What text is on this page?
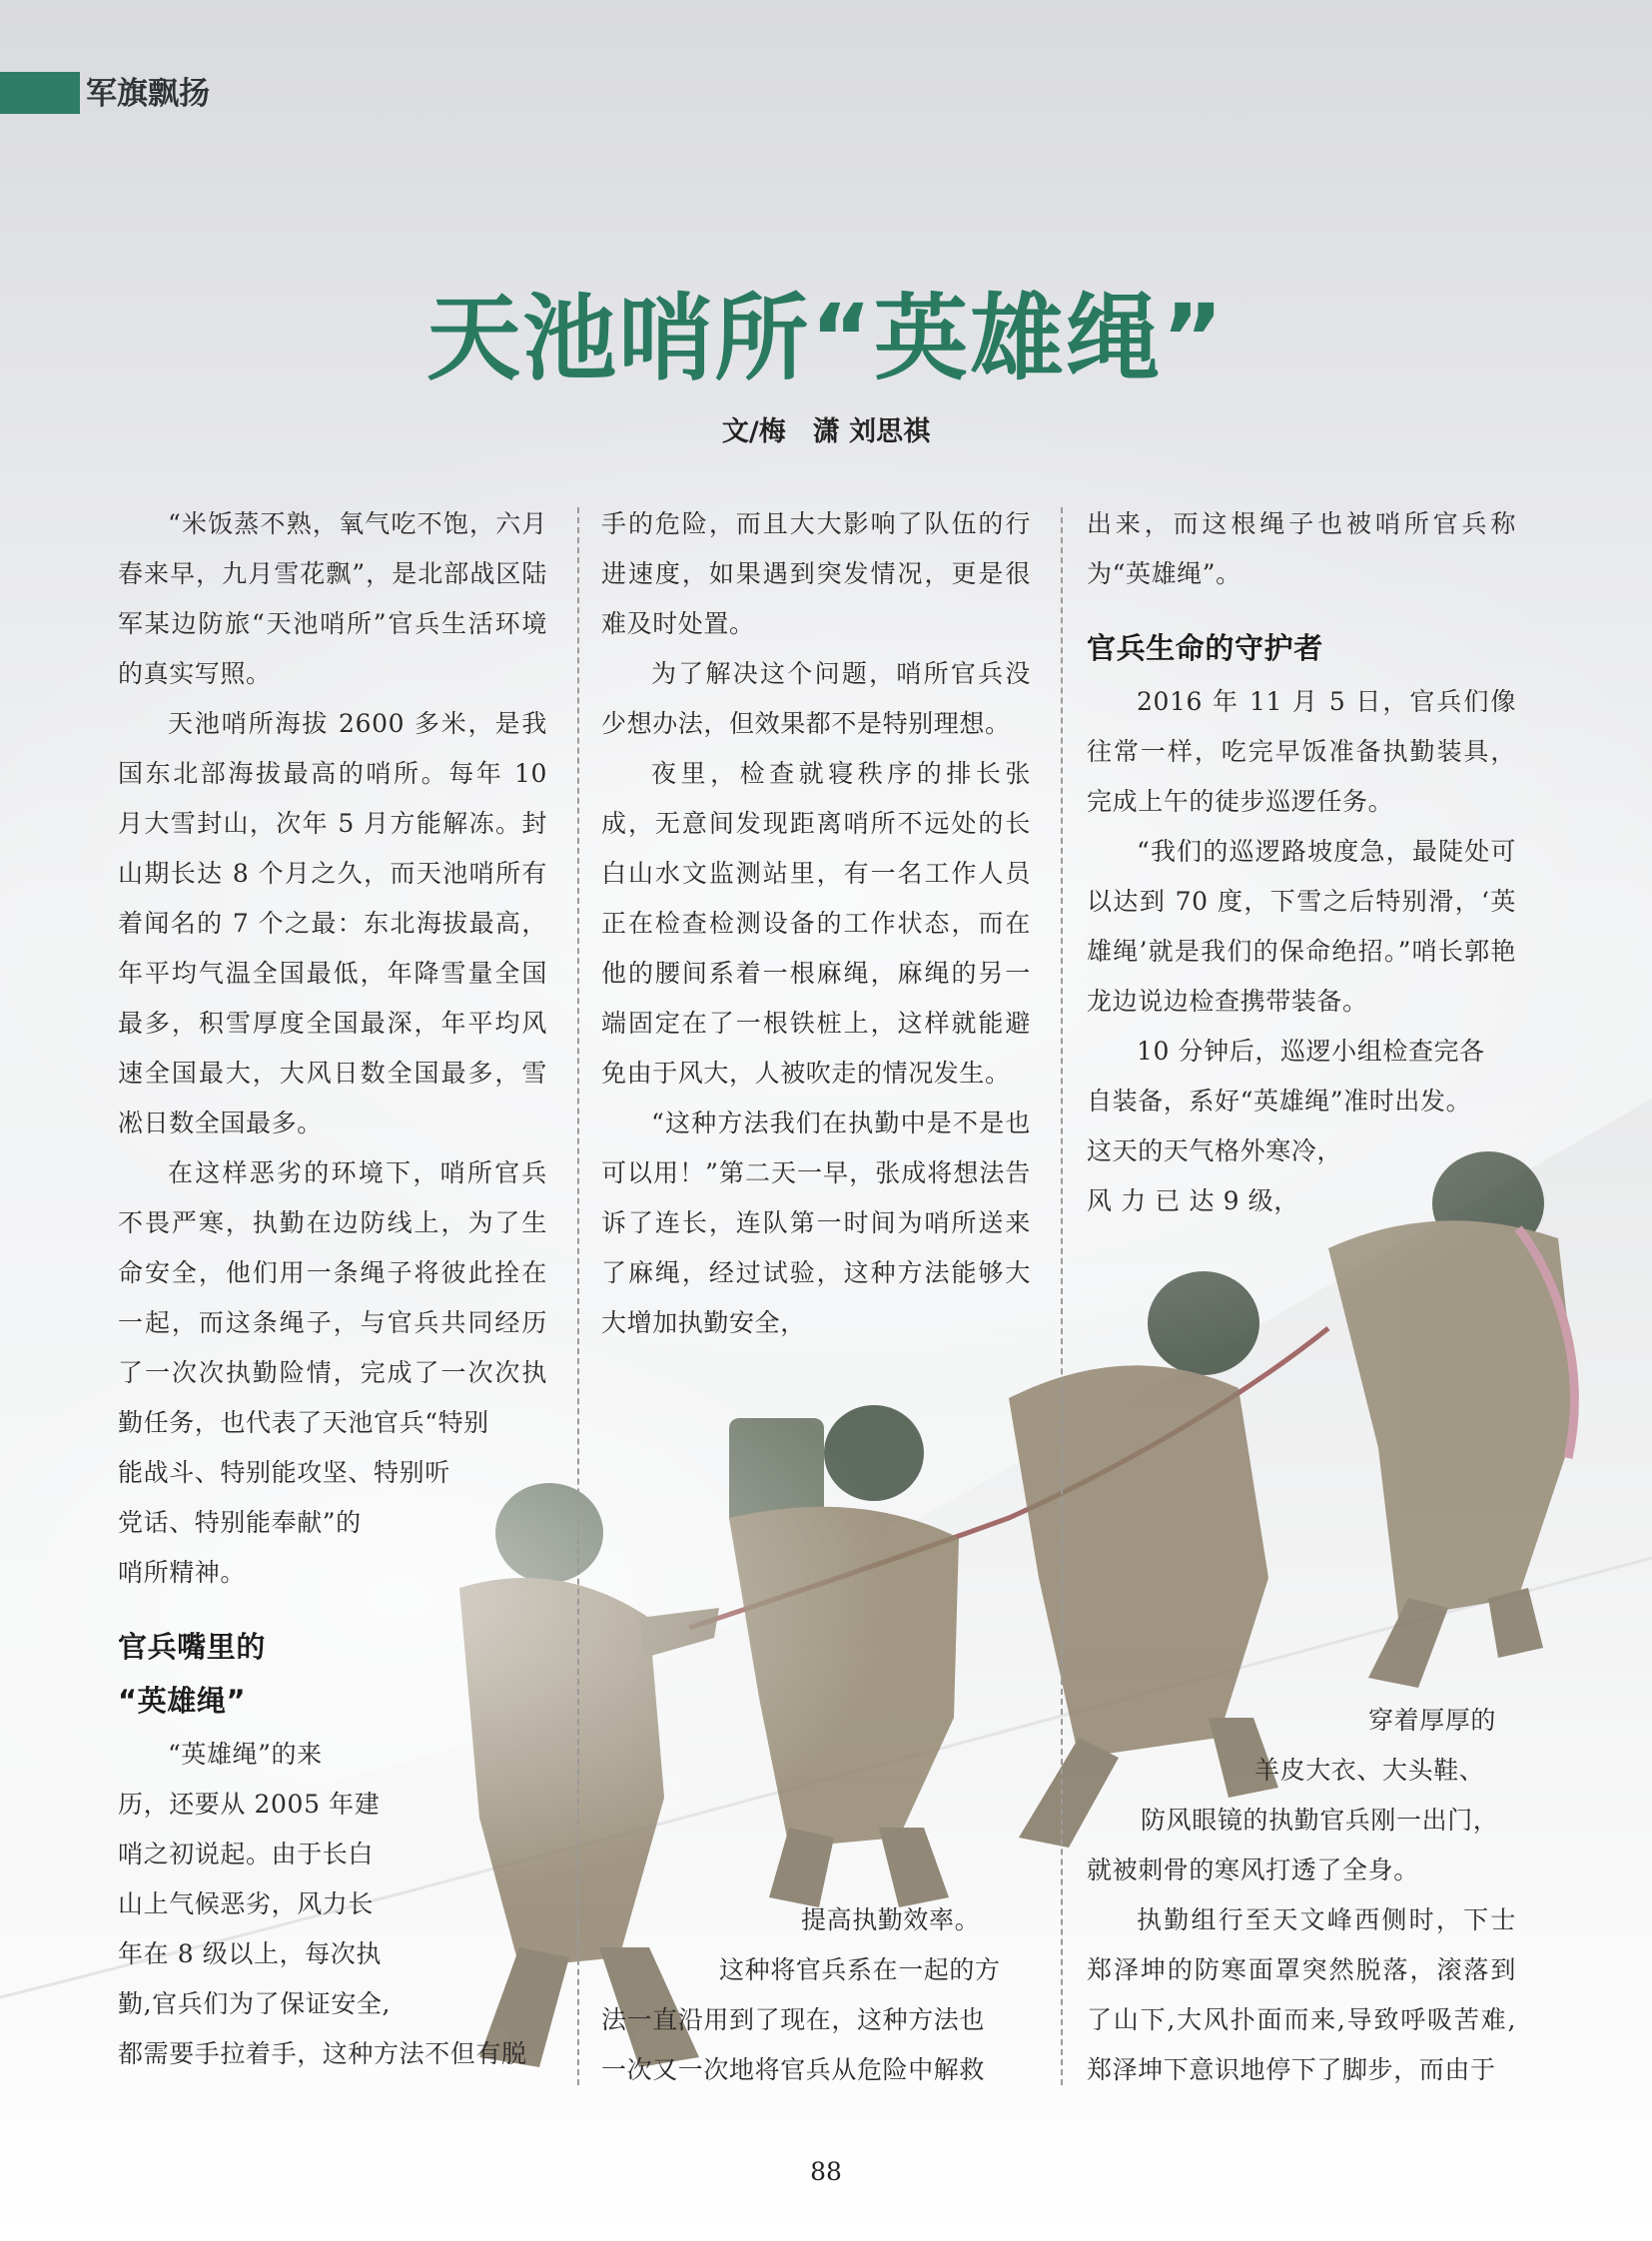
军旗飘扬
天池哨所“英雄绳”
文/梅　潇 刘思祺

“米饭蒸不熟，氧气吃不饱，六月春来早，九月雪花飘”，是北部战区陆军某边防旅“天池哨所”官兵生活环境的真实写照。

天池哨所海拔 2600 多米，是我国东北部海拔最高的哨所。每年 10 月大雪封山，次年 5 月方能解冻。封山期长达 8 个月之久，而天池哨所有着闻名的 7 个之最：东北海拔最高，年平均气温全国最低，年降雪量全国最多，积雪厚度全国最深，年平均风速全国最大，大风日数全国最多，雪凇日数全国最多。

在这样恶劣的环境下，哨所官兵不畏严寒，执勤在边防线上，为了生命安全，他们用一条绳子将彼此拴在一起，而这条绳子，与官兵共同经历了一次次执勤险情，完成了一次次执勤任务，也代表了天池官兵“特别

能战斗、特别能攻坚、特别听

党话、特别能奉献”的

哨所精神。

官兵嘴里的
“英雄绳”

“英雄绳”的来

历，还要从 2005 年建

哨之初说起。由于长白

山上气候恶劣，风力长

年在 8 级以上，每次执

勤,官兵们为了保证安全,

都需要手拉着手，这种方法不但有脱

手的危险，而且大大影响了队伍的行进速度，如果遇到突发情况，更是很难及时处置。

为了解决这个问题，哨所官兵没少想办法，但效果都不是特别理想。

夜里，检查就寝秩序的排长张成，无意间发现距离哨所不远处的长白山水文监测站里，有一名工作人员正在检查检测设备的工作状态，而在他的腰间系着一根麻绳，麻绳的另一端固定在了一根铁桩上，这样就能避免由于风大，人被吹走的情况发生。

“这种方法我们在执勤中是不是也可以用！”第二天一早，张成将想法告诉了连长，连队第一时间为哨所送来了麻绳，经过试验，这种方法能够大大增加执勤安全，

提高执勤效率。

这种将官兵系在一起的方

法一直沿用到了现在，这种方法也

一次又一次地将官兵从危险中解救

出来，而这根绳子也被哨所官兵称为“英雄绳”。

官兵生命的守护者

2016 年 11 月 5 日，官兵们像往常一样，吃完早饭准备执勤装具，完成上午的徒步巡逻任务。

“我们的巡逻路坡度急，最陡处可以达到 70 度，下雪之后特别滑，‘英雄绳’就是我们的保命绝招。”哨长郭艳龙边说边检查携带装备。

10 分钟后，巡逻小组检查完各

自装备，系好“英雄绳”准时出发。

这天的天气格外寒冷，

风 力 已 达 9 级，

穿着厚厚的

羊皮大衣、大头鞋、

防风眼镜的执勤官兵刚一出门，

就被刺骨的寒风打透了全身。

执勤组行至天文峰西侧时，下士郑泽坤的防寒面罩突然脱落，滚落到了山下,大风扑面而来,导致呼吸苦难,郑泽坤下意识地停下了脚步，而由于

88
